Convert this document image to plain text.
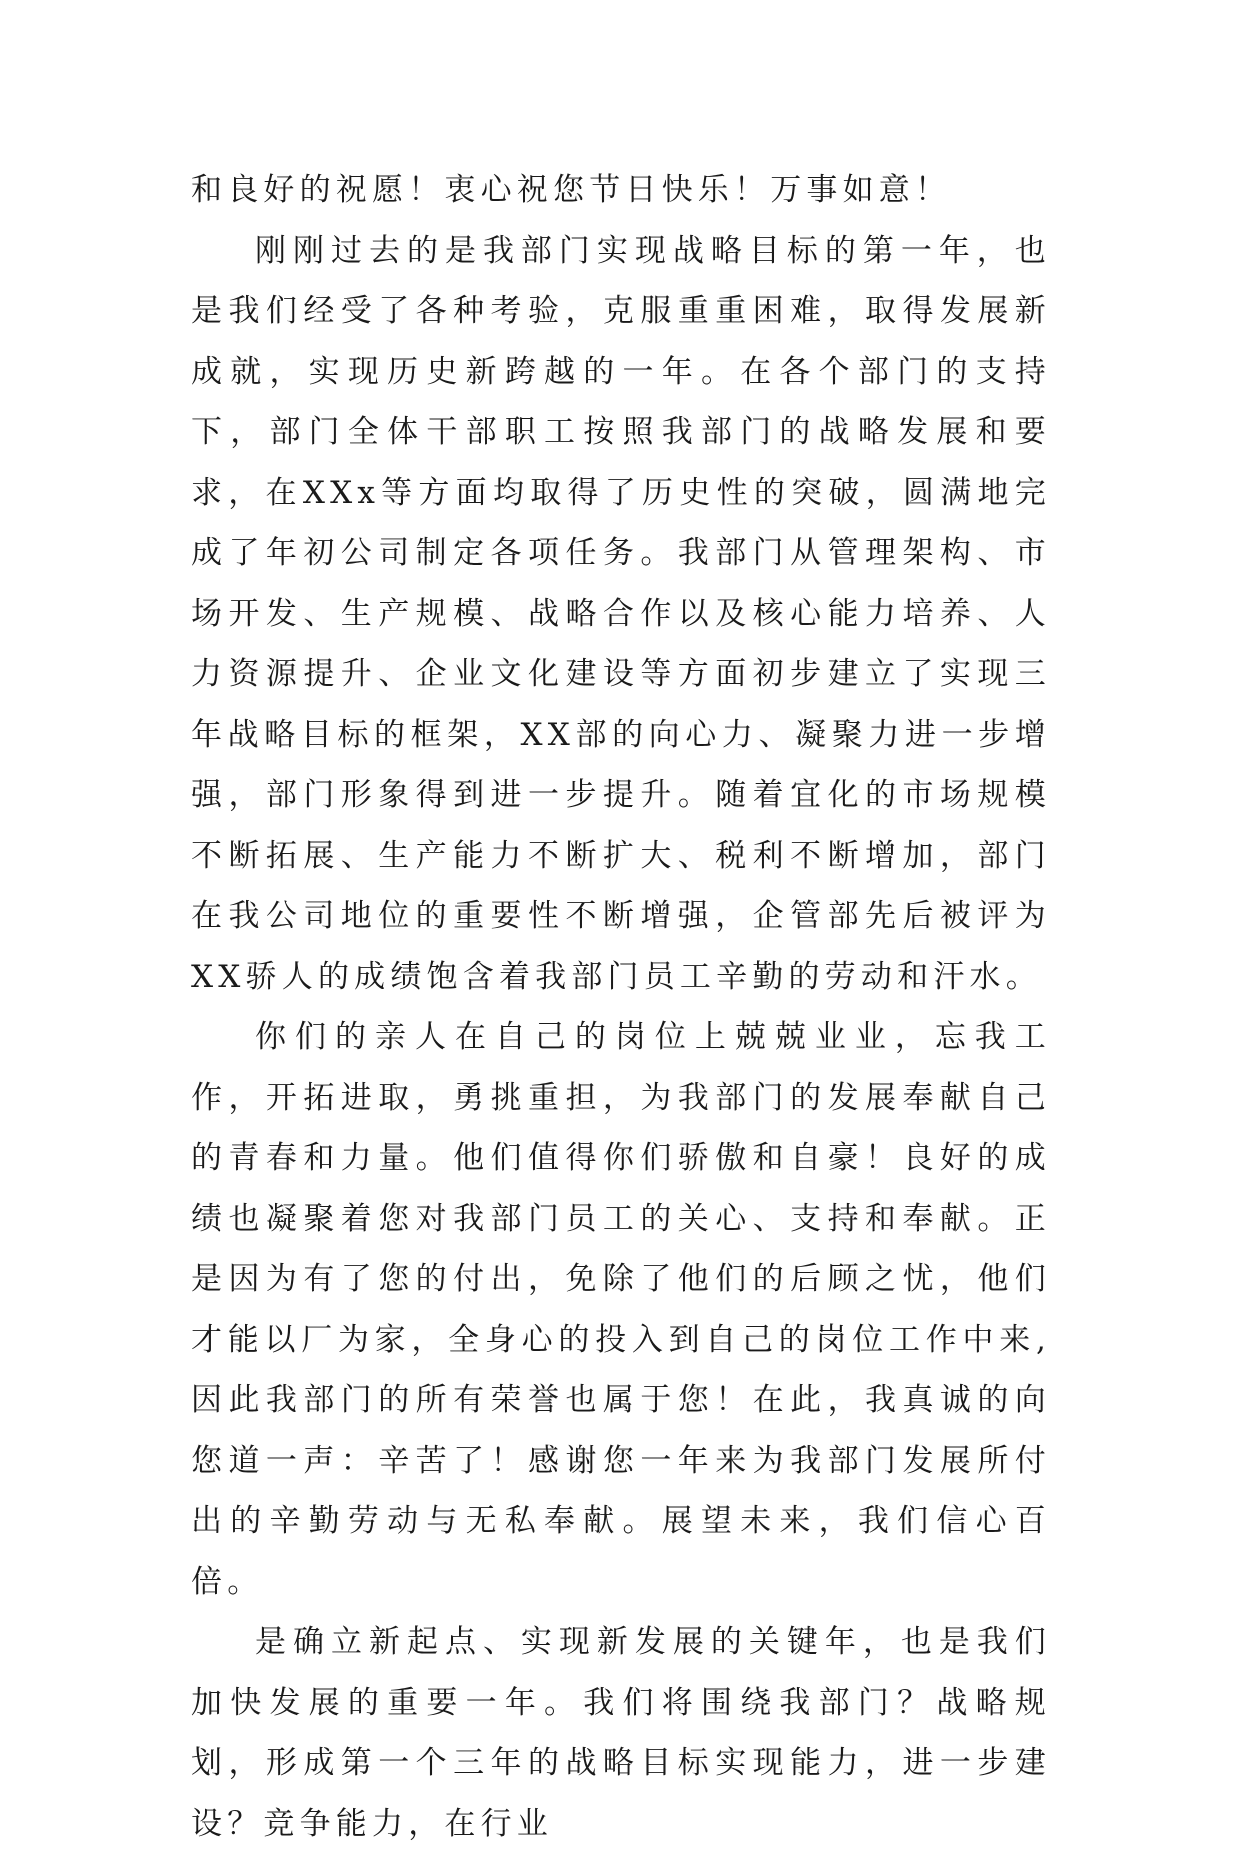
和良好的祝愿！衷心祝您节日快乐！万事如意！

刚刚过去的是我部门实现战略目标的第一年，也是我们经受了各种考验，克服重重困难，取得发展新成就，实现历史新跨越的一年。在各个部门的支持下，部门全体干部职工按照我部门的战略发展和要求，在XXx等方面均取得了历史性的突破，圆满地完成了年初公司制定各项任务。我部门从管理架构、市场开发、生产规模、战略合作以及核心能力培养、人力资源提升、企业文化建设等方面初步建立了实现三年战略目标的框架，XX部的向心力、凝聚力进一步增强，部门形象得到进一步提升。随着宜化的市场规模不断拓展、生产能力不断扩大、税利不断增加，部门在我公司地位的重要性不断增强，企管部先后被评为XX骄人的成绩饱含着我部门员工辛勤的劳动和汗水。

你们的亲人在自己的岗位上兢兢业业，忘我工作，开拓进取，勇挑重担，为我部门的发展奉献自己的青春和力量。他们值得你们骄傲和自豪！良好的成绩也凝聚着您对我部门员工的关心、支持和奉献。正是因为有了您的付出，免除了他们的后顾之忧，他们才能以厂为家，全身心的投入到自己的岗位工作中来,因此我部门的所有荣誉也属于您！在此，我真诚的向您道一声：辛苦了！感谢您一年来为我部门发展所付出的辛勤劳动与无私奉献。展望未来，我们信心百倍。

是确立新起点、实现新发展的关键年，也是我们加快发展的重要一年。我们将围绕我部门？战略规划，形成第一个三年的战略目标实现能力，进一步建设？竞争能力，在行业
